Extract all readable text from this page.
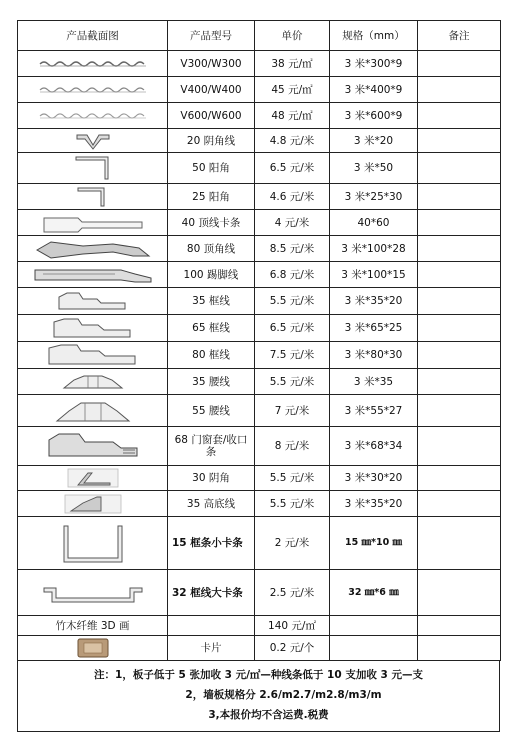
产品截面图	产品型号	单价	规格（mm）	备注

	V300/W300	38 元/㎡	3 米*300*9	

	V400/W400	45 元/㎡	3 米*400*9	

	V600/W600	48 元/㎡	3 米*600*9	

	20 阴角线	4.8 元/米	3 米*20	

	50 阳角	6.5 元/米	3 米*50	

	25 阳角	4.6 元/米	3 米*25*30	

	40 顶线卡条	4 元/米	40*60	

	80 顶角线	8.5 元/米	3 米*100*28	

	100 踢脚线	6.8 元/米	3 米*100*15	

	35 框线	5.5 元/米	3 米*35*20	

	65 框线	6.5 元/米	3 米*65*25	

	80 框线	7.5 元/米	3 米*80*30	

	35 腰线	5.5 元/米	3 米*35	

	55 腰线	7 元/米	3 米*55*27	

	68 门窗套/收口条	8 元/米	3 米*68*34	

	30 阴角	5.5 元/米	3 米*30*20	

	35 高底线	5.5 元/米	3 米*35*20	

	15 框条小卡条	2 元/米	15 ㎜*10 ㎜	

	32 框线大卡条	2.5 元/米	32 ㎜*6 ㎜	
竹木纤维 3D 画		140 元/㎡		

	卡片	0.2 元/个		
注：1，板子低于 5 张加收 3 元/㎡—种线条低于 10 支加收 3 元—支
2，墙板规格分 2.6/m2.7/m2.8/m3/m
3,本报价均不含运费.税费
